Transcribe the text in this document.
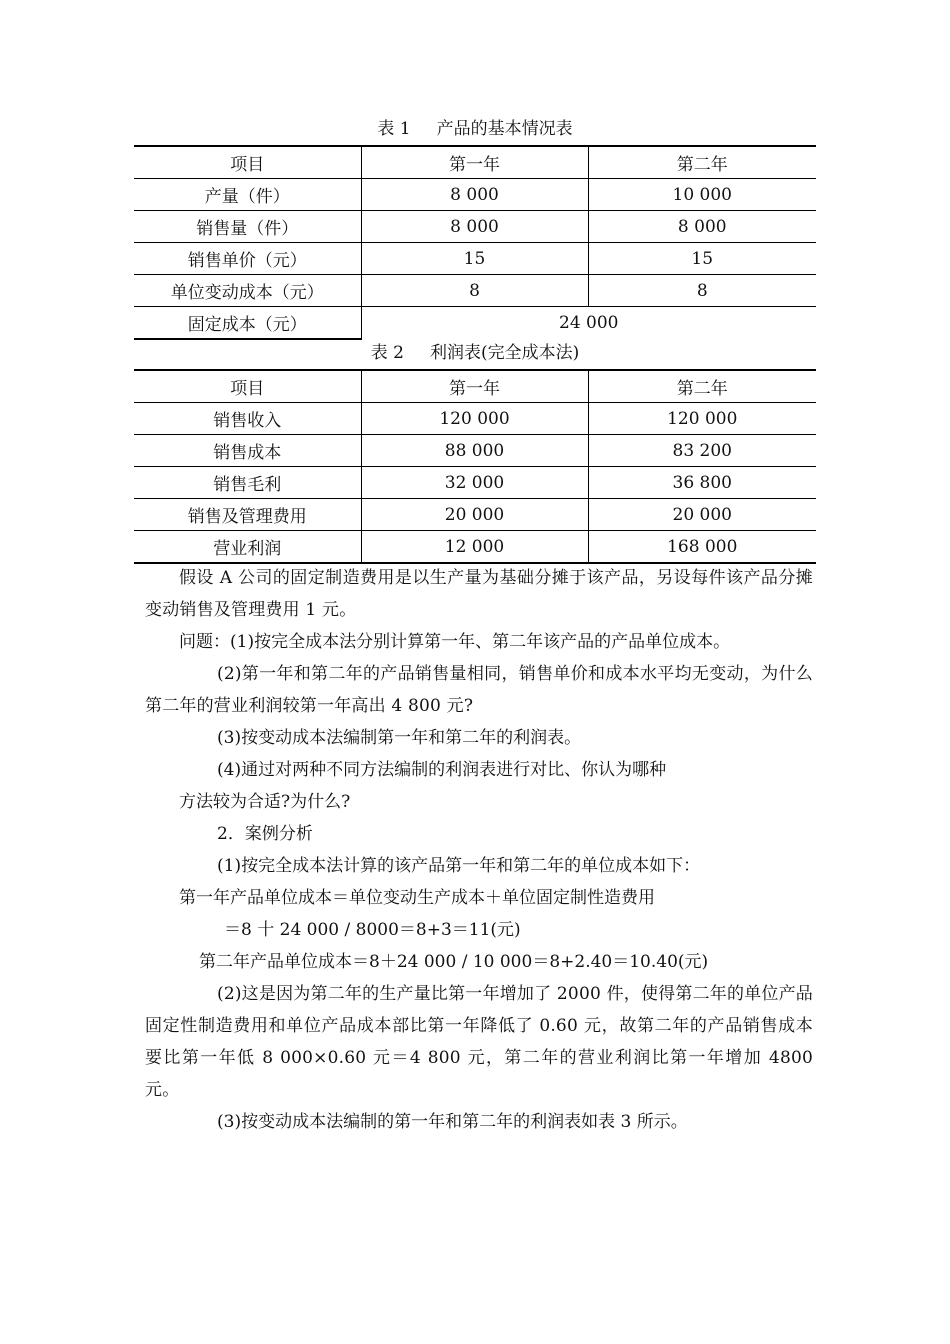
表 1 产品的基本情况表
项目	第一年	第二年
产量（件）	8 000	10 000
销售量（件）	8 000	8 000
销售单价（元）	15	15
单位变动成本（元）	8	8
固定成本（元）	24 000	
表 2 利润表(完全成本法)
项目	第一年	第二年
销售收入	120 000	120 000
销售成本	88 000	83 200
销售毛利	32 000	36 800
销售及管理费用	20 000	20 000
营业利润	12 000	168 000

假设 A 公司的固定制造费用是以生产量为基础分摊于该产品，另设每件该产品分摊变动销售及管理费用 1 元。

问题：(1)按完全成本法分别计算第一年、第二年该产品的产品单位成本。

(2)第一年和第二年的产品销售量相同，销售单价和成本水平均无变动，为什么第二年的营业利润较第一年高出 4 800 元?

(3)按变动成本法编制第一年和第二年的利润表。

(4)通过对两种不同方法编制的利润表进行对比、你认为哪种

方法较为合适?为什么?

2．案例分析

(1)按完全成本法计算的该产品第一年和第二年的单位成本如下：

第一年产品单位成本＝单位变动生产成本＋单位固定制性造费用

＝8 十 24 000 / 8000＝8+3＝11(元)

第二年产品单位成本＝8＋24 000 / 10 000＝8+2.40＝10.40(元)

(2)这是因为第二年的生产量比第一年增加了 2000 件，使得第二年的单位产品固定性制造费用和单位产品成本部比第一年降低了 0.60 元，故第二年的产品销售成本要比第一年低 8 000×0.60 元＝4 800 元，第二年的营业利润比第一年增加 4800 元。

(3)按变动成本法编制的第一年和第二年的利润表如表 3 所示。
